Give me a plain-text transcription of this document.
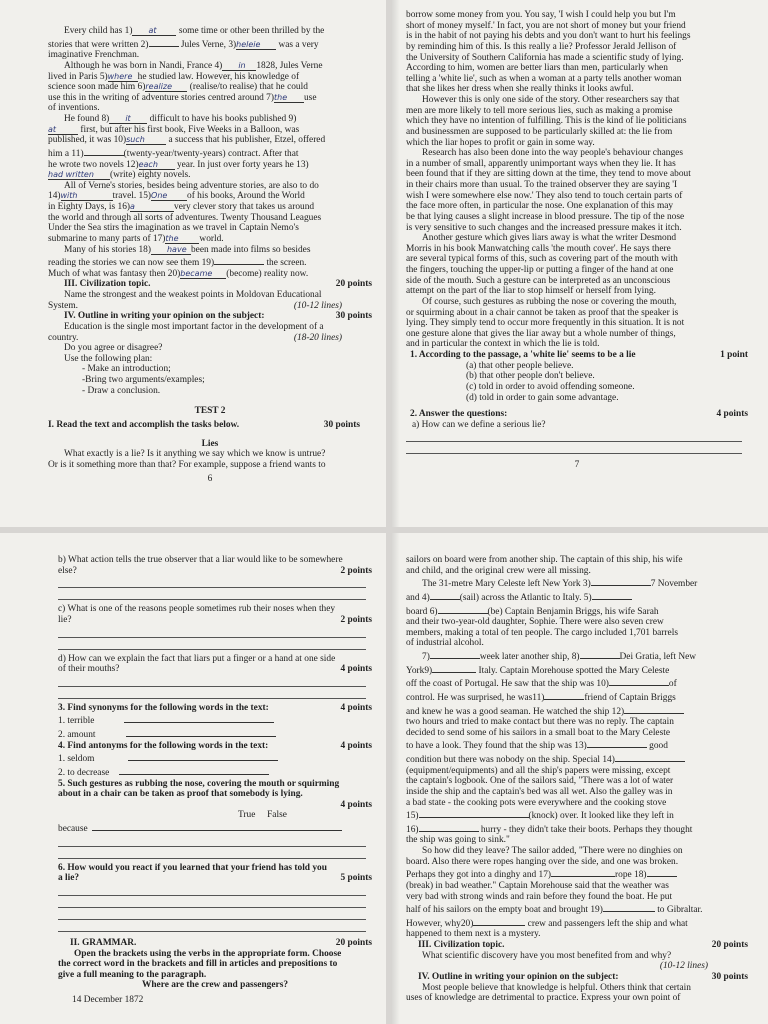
Every child has 1) at some time or other been thrilled by the
stories that were written 2)	Jules Verne, 3)heleie was a very
imaginative Frenchman.
Although he was born in Nandi, France 4) in 1828, Jules Verne
lived in Paris 5)where he studied law. However, his knowledge of
science soon made him 6)realize (realise/to realise) that he could
use this in the writing of adventure stories centred around 7)the use
of inventions.
He found 8) it difficult to have his books published 9)
at	first, but after his first book, Five Weeks in a Balloon, was
published, it was 10)such	a success that his publisher, Etzel, offered
him a 11)	(twenty-year/twenty-years) contract. After that
he wrote two novels 12)each year. In just over forty years he 13)
had written (write) eighty novels.
All of Verne's stories, besides being adventure stories, are also to do
14)with	travel. 15)One of his books, Around the World
in Eighty Days, is 16)a	very clever story that takes us around
the world and through all sorts of adventures. Twenty Thousand Leagues
Under the Sea stirs the imagination as we travel in Captain Nemo's
submarine to many parts of 17)the world.
Many of his stories 18) have been made into films so besides
reading the stories we can now see them 19)	the screen.
Much of what was fantasy then 20)became (become) reality now.
III. Civilization topic.	20 points
Name the strongest and the weakest points in Moldovan Educational
System.	(10-12 lines)
IV. Outline in writing your opinion on the subject:	30 points
Education is the single most important factor in the development of a
country.	(18-20 lines)
Do you agree or disagree?
Use the following plan:
- Make an introduction;
-Bring two arguments/examples;
- Draw a conclusion.
TEST 2
I. Read the text and accomplish the tasks below.	30 points
Lies
What exactly is a lie? Is it anything we say which we know is untrue?
Or is it something more than that? For example, suppose a friend wants to
6
borrow some money from you. You say, 'I wish I could help you but I'm
short of money myself.' In fact, you are not short of money but your friend
is in the habit of not paying his debts and you don't want to hurt his feelings
by reminding him of this. Is this really a lie? Professor Jerald Jellison of
the University of Southern California has made a scientific study of lying.
According to him, women are better liars than men, particularly when
telling a 'white lie', such as when a woman at a party tells another woman
that she likes her dress when she really thinks it looks awful.
However this is only one side of the story. Other researchers say that
men are more likely to tell more serious lies, such as making a promise
which they have no intention of fulfilling. This is the kind of lie politicians
and businessmen are supposed to be particularly skilled at: the lie from
which the liar hopes to profit or gain in some way.
Research has also been done into the way people's behaviour changes
in a number of small, apparently unimportant ways when they lie. It has
been found that if they are sitting down at the time, they tend to move about
in their chairs more than usual. To the trained observer they are saying 'I
wish I were somewhere else now.' They also tend to touch certain parts of
the face more often, in particular the nose. One explanation of this may
be that lying causes a slight increase in blood pressure. The tip of the nose
is very sensitive to such changes and the increased pressure makes it itch.
Another gesture which gives liars away is what the writer Desmond
Morris in his book Manwatching calls 'the mouth cover'. He says there
are several typical forms of this, such as covering part of the mouth with
the fingers, touching the upper-lip or putting a finger of the hand at one
side of the mouth. Such a gesture can be interpreted as an unconscious
attempt on the part of the liar to stop himself or herself from lying.
Of course, such gestures as rubbing the nose or covering the mouth,
or squirming about in a chair cannot be taken as proof that the speaker is
lying. They simply tend to occur more frequently in this situation. It is not
one gesture alone that gives the liar away but a whole number of things,
and in particular the context in which the lie is told.
1. According to the passage, a 'white lie' seems to be a lie	1 point
(a) that other people believe.
(b) that other people don't believe.
(c) told in order to avoid offending someone.
(d) told in order to gain some advantage.
2. Answer the questions:	4 points
a) How can we define a serious lie?
7
b) What action tells the true observer that a liar would like to be somewhere
else?	2 points
c) What is one of the reasons people sometimes rub their noses when they
lie?	2 points
d) How can we explain the fact that liars put a finger or a hand at one side
of their mouths?	4 points
3. Find synonyms for the following words in the text:	4 points
1. terrible
2. amount
4. Find antonyms for the following words in the text:	4 points
1. seldom
2. to decrease
5. Such gestures as rubbing the nose, covering the mouth or squirming
about in a chair can be taken as proof that somebody is lying.
4 points
True False
because
6. How would you react if you learned that your friend has told you
a lie?	5 points
II. GRAMMAR.	20 points
Open the brackets using the verbs in the appropriate form. Choose
the correct word in the brackets and fill in articles and prepositions to
give a full meaning to the paragraph.
Where are the crew and passengers?
14 December 1872
sailors on board were from another ship. The captain of this ship, his wife
and child, and the original crew were all missing.
The 31-metre Mary Celeste left New York 3)	7 November
and 4)	(sail) across the Atlantic to Italy. 5)
board 6)	(be) Captain Benjamin Briggs, his wife Sarah
and their two-year-old daughter, Sophie. There were also seven crew
members, making a total of ten people. The cargo included 1,701 barrels
of industrial alcohol.
7)	week later another ship, 8)	Dei Gratia, left New
York9)	Italy. Captain Morehouse spotted the Mary Celeste
off the coast of Portugal. He saw that the ship was 10)	of
control. He was surprised, he was11)	friend of Captain Briggs
and knew he was a good seaman. He watched the ship 12)
two hours and tried to make contact but there was no reply. The captain
decided to send some of his sailors in a small boat to the Mary Celeste
to have a look. They found that the ship was 13)	good
condition but there was nobody on the ship. Special 14)
(equipment/equipments) and all the ship's papers were missing, except
the captain's logbook. One of the sailors said, "There was a lot of water
inside the ship and the captain's bed was all wet. Also the galley was in
a bad state - the cooking pots were everywhere and the cooking stove
15)	(knock) over. It looked like they left in
16)	hurry - they didn't take their boots. Perhaps they thought
the ship was going to sink."
So how did they leave? The sailor added, "There were no dinghies on
board. Also there were ropes hanging over the side, and one was broken.
Perhaps they got into a dinghy and 17)	rope 18)
(break) in bad weather." Captain Morehouse said that the weather was
very bad with strong winds and rain before they found the boat. He put
half of his sailors on the empty boat and brought 19)	to Gibraltar.
However, why20)	crew and passengers left the ship and what
happened to them next is a mystery.
III. Civilization topic.	20 points
What scientific discovery have you most benefited from and why?
(10-12 lines)
IV. Outline in writing your opinion on the subject:	30 points
Most people believe that knowledge is helpful. Others think that certain
uses of knowledge are detrimental to practice. Express your own point of
